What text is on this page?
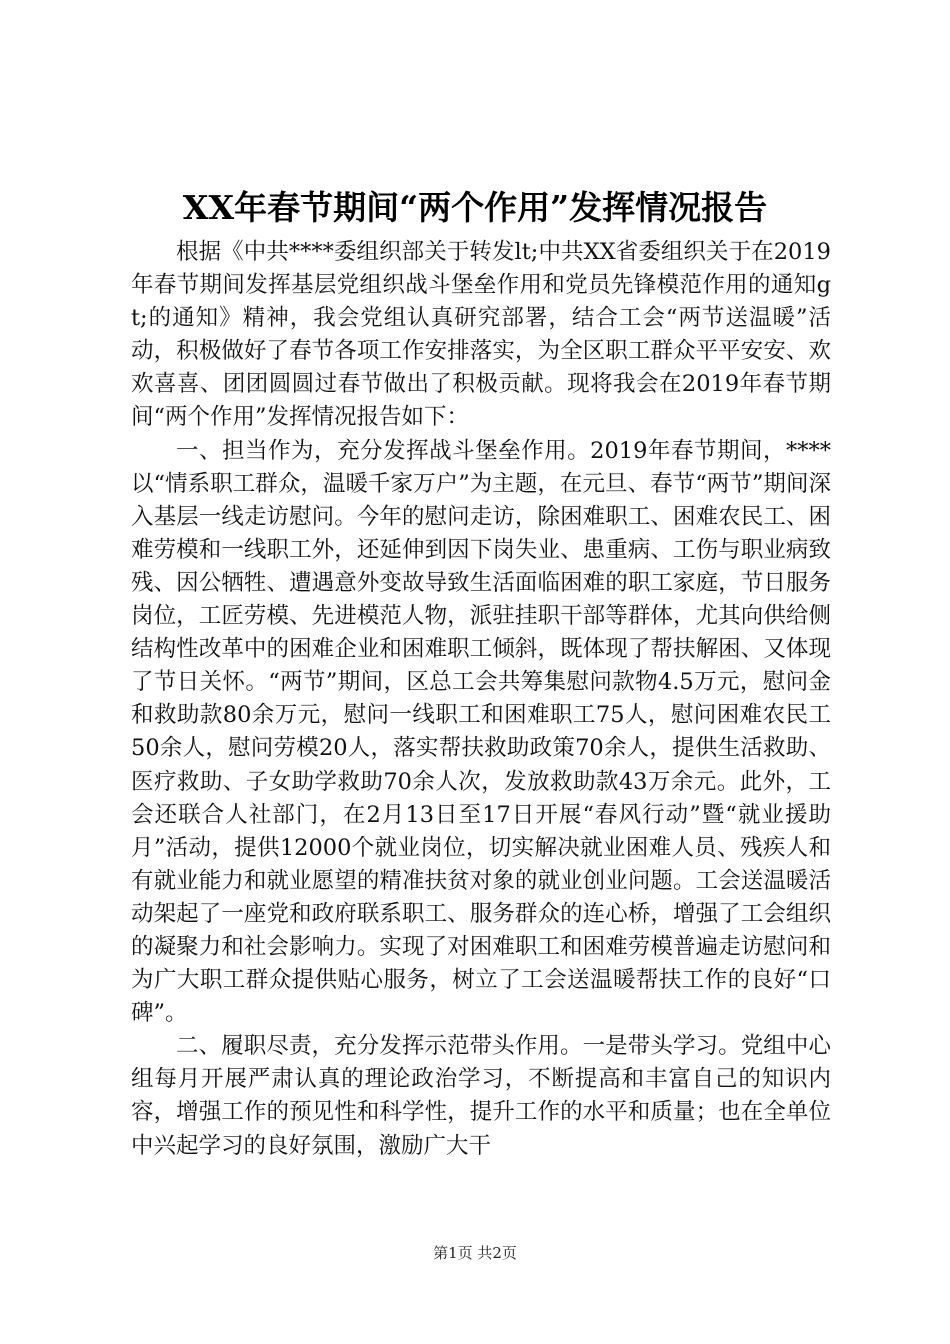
XX年春节期间“两个作用”发挥情况报告

根据《中共****委组织部关于转发lt;中共XX省委组织关于在2019年春节期间发挥基层党组织战斗堡垒作用和党员先锋模范作用的通知gt;的通知》精神，我会党组认真研究部署，结合工会“两节送温暖”活动，积极做好了春节各项工作安排落实，为全区职工群众平平安安、欢欢喜喜、团团圆圆过春节做出了积极贡献。现将我会在2019年春节期间“两个作用”发挥情况报告如下：

一、担当作为，充分发挥战斗堡垒作用。2019年春节期间，****以“情系职工群众，温暖千家万户”为主题，在元旦、春节“两节”期间深入基层一线走访慰问。今年的慰问走访，除困难职工、困难农民工、困难劳模和一线职工外，还延伸到因下岗失业、患重病、工伤与职业病致残、因公牺牲、遭遇意外变故导致生活面临困难的职工家庭，节日服务岗位，工匠劳模、先进模范人物，派驻挂职干部等群体，尤其向供给侧结构性改革中的困难企业和困难职工倾斜，既体现了帮扶解困、又体现了节日关怀。“两节”期间，区总工会共筹集慰问款物4.5万元，慰问金和救助款80余万元，慰问一线职工和困难职工75人，慰问困难农民工50余人，慰问劳模20人，落实帮扶救助政策70余人，提供生活救助、医疗救助、子女助学救助70余人次，发放救助款43万余元。此外，工会还联合人社部门，在2月13日至17日开展“春风行动”暨“就业援助月”活动，提供12000个就业岗位，切实解决就业困难人员、残疾人和有就业能力和就业愿望的精准扶贫对象的就业创业问题。工会送温暖活动架起了一座党和政府联系职工、服务群众的连心桥，增强了工会组织的凝聚力和社会影响力。实现了对困难职工和困难劳模普遍走访慰问和为广大职工群众提供贴心服务，树立了工会送温暖帮扶工作的良好“口碑”。

二、履职尽责，充分发挥示范带头作用。一是带头学习。党组中心组每月开展严肃认真的理论政治学习，不断提高和丰富自己的知识内容，增强工作的预见性和科学性，提升工作的水平和质量；也在全单位中兴起学习的良好氛围，激励广大干

第1页 共2页
